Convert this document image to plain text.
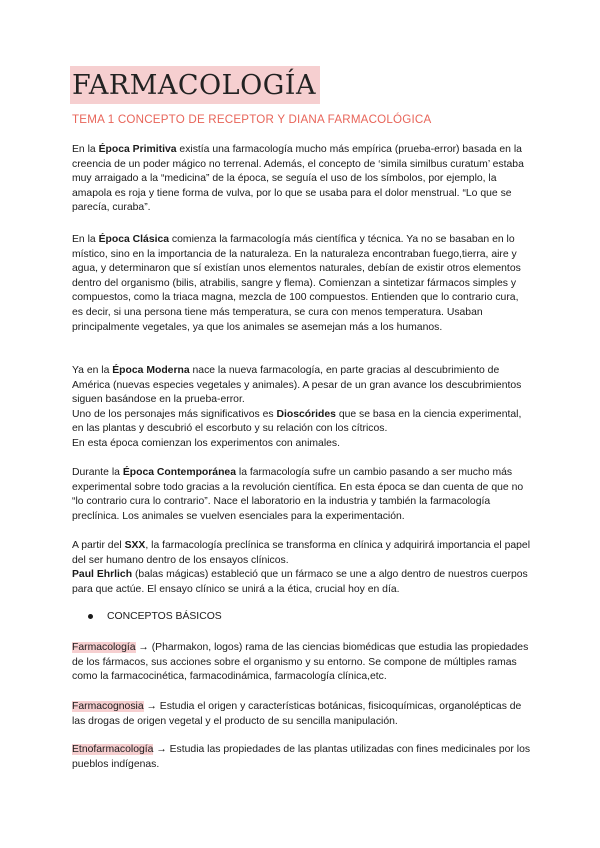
FARMACOLOGÍA
TEMA 1 CONCEPTO DE RECEPTOR Y DIANA FARMACOLÓGICA

En la Época Primitiva existía una farmacología mucho más empírica (prueba-error) basada en la creencia de un poder mágico no terrenal. Además, el concepto de ‘simila similbus curatum’ estaba muy arraigado a la “medicina” de la época, se seguía el uso de los símbolos, por ejemplo, la amapola es roja y tiene forma de vulva, por lo que se usaba para el dolor menstrual. “Lo que se parecía, curaba”.

En la Época Clásica comienza la farmacología más científica y técnica. Ya no se basaban en lo místico, sino en la importancia de la naturaleza. En la naturaleza encontraban fuego,tierra, aire y agua, y determinaron que sí existían unos elementos naturales, debían de existir otros elementos dentro del organismo (bilis, atrabilis, sangre y flema). Comienzan a sintetizar fármacos simples y compuestos, como la triaca magna, mezcla de 100 compuestos. Entienden que lo contrario cura, es decir, si una persona tiene más temperatura, se cura con menos temperatura. Usaban principalmente vegetales, ya que los animales se asemejan más a los humanos.

Ya en la Época Moderna nace la nueva farmacología, en parte gracias al descubrimiento de América (nuevas especies vegetales y animales). A pesar de un gran avance los descubrimientos siguen basándose en la prueba-error.
Uno de los personajes más significativos es Dioscórides que se basa en la ciencia experimental, en las plantas y descubrió el escorbuto y su relación con los cítricos.
En esta época comienzan los experimentos con animales.

Durante la Época Contemporánea la farmacología sufre un cambio pasando a ser mucho más experimental sobre todo gracias a la revolución científica. En esta época se dan cuenta de que no “lo contrario cura lo contrario”. Nace el laboratorio en la industria y también la farmacología preclínica. Los animales se vuelven esenciales para la experimentación.

A partir del SXX, la farmacología preclínica se transforma en clínica y adquirirá importancia el papel del ser humano dentro de los ensayos clínicos.
Paul Ehrlich (balas mágicas) estableció que un fármaco se une a algo dentro de nuestros cuerpos para que actúe. El ensayo clínico se unirá a la ética, crucial hoy en día.

CONCEPTOS BÁSICOS

Farmacología → (Pharmakon, logos) rama de las ciencias biomédicas que estudia las propiedades de los fármacos, sus acciones sobre el organismo y su entorno. Se compone de múltiples ramas como la farmacocinética, farmacodinámica, farmacología clínica,etc.

Farmacognosia → Estudia el origen y características botánicas, fisicoquímicas, organolépticas de las drogas de origen vegetal y el producto de su sencilla manipulación.

Etnofarmacología → Estudia las propiedades de las plantas utilizadas con fines medicinales por los pueblos indígenas.
